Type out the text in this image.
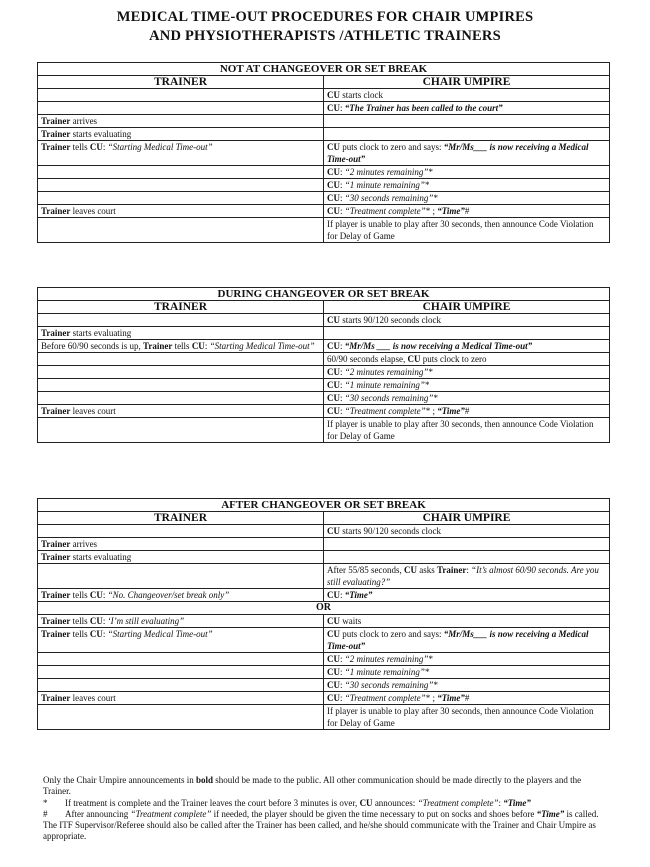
MEDICAL TIME-OUT PROCEDURES FOR CHAIR UMPIRES
AND PHYSIOTHERAPISTS /ATHLETIC TRAINERS
NOT AT CHANGEOVER OR SET BREAK	
TRAINER	CHAIR UMPIRE
	CU starts clock
	CU: “The Trainer has been called to the court”
Trainer arrives	
Trainer starts evaluating	
Trainer tells CU: “Starting Medical Time-out”	CU puts clock to zero and says: “Mr/Ms___ is now receiving a Medical Time-out”
	CU: “2 minutes remaining”*
	CU: “1 minute remaining”*
	CU: “30 seconds remaining”*
Trainer leaves court	CU: “Treatment complete”* ; “Time”#
	If player is unable to play after 30 seconds, then announce Code Violation for Delay of Game
DURING CHANGEOVER OR SET BREAK	
TRAINER	CHAIR UMPIRE
	CU starts 90/120 seconds clock
Trainer starts evaluating	
Before 60/90 seconds is up, Trainer tells CU: “Starting Medical Time-out”	CU: “Mr/Ms ___ is now receiving a Medical Time-out”
	60/90 seconds elapse, CU puts clock to zero
	CU: “2 minutes remaining”*
	CU: “1 minute remaining”*
	CU: “30 seconds remaining”*
Trainer leaves court	CU: “Treatment complete”* ; “Time”#
	If player is unable to play after 30 seconds, then announce Code Violation for Delay of Game
AFTER CHANGEOVER OR SET BREAK	
TRAINER	CHAIR UMPIRE
	CU starts 90/120 seconds clock
Trainer arrives	
Trainer starts evaluating	
	After 55/85 seconds, CU asks Trainer: “It’s almost 60/90 seconds. Are you still evaluating?”
Trainer tells CU: “No. Changeover/set break only”	CU: “Time”
OR	
Trainer tells CU: ‘I’m still evaluating”	CU waits
Trainer tells CU: “Starting Medical Time-out”	CU puts clock to zero and says: “Mr/Ms___ is now receiving a Medical Time-out”
	CU: “2 minutes remaining”*
	CU: “1 minute remaining”*
	CU: “30 seconds remaining”*
Trainer leaves court	CU: “Treatment complete”* ; “Time”#
	If player is unable to play after 30 seconds, then announce Code Violation for Delay of Game

Only the Chair Umpire announcements in bold should be made to the public. All other communication should be made directly to the players and the Trainer.

*	If treatment is complete and the Trainer leaves the court before 3 minutes is over, CU announces: “Treatment complete”: “Time”
#	After announcing “Treatment complete” if needed, the player should be given the time necessary to put on socks and shoes before “Time” is called.

The ITF Supervisor/Referee should also be called after the Trainer has been called, and he/she should communicate with the Trainer and Chair Umpire as appropriate.
